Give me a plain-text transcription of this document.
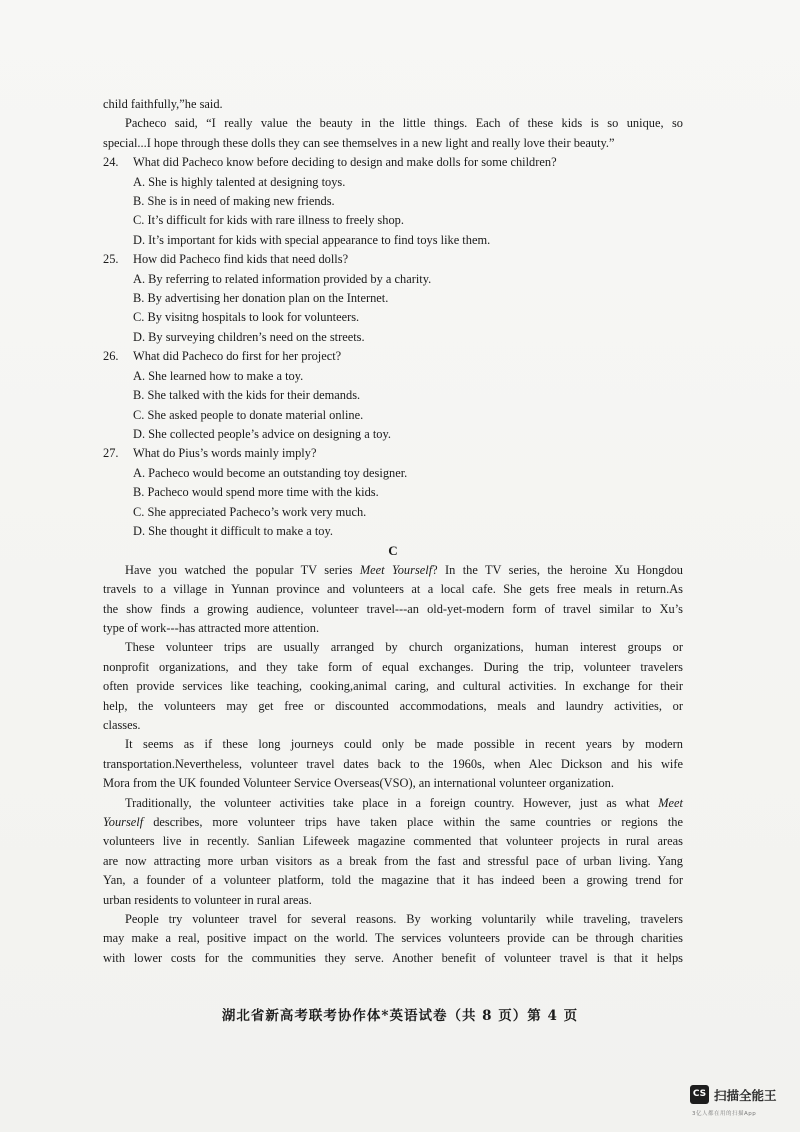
child faithfully,”he said.
Pacheco said, “I really value the beauty in the little things. Each of these kids is so unique, so
special...I hope through these dolls they can see themselves in a new light and really love their beauty.”
24.	What did Pacheco know before deciding to design and make dolls for some children?
A. She is highly talented at designing toys.
B. She is in need of making new friends.
C. It’s difficult for kids with rare illness to freely shop.
D. It’s important for kids with special appearance to find toys like them.
25.	How did Pacheco find kids that need dolls?
A. By referring to related information provided by a charity.
B. By advertising her donation plan on the Internet.
C. By visitng hospitals to look for volunteers.
D. By surveying children’s need on the streets.
26.	What did Pacheco do first for her project?
A. She learned how to make a toy.
B. She talked with the kids for their demands.
C. She asked people to donate material online.
D. She collected people’s advice on designing a toy.
27.	What do Pius’s words mainly imply?
A. Pacheco would become an outstanding toy designer.
B. Pacheco would spend more time with the kids.
C. She appreciated Pacheco’s work very much.
D. She thought it difficult to make a toy.
C
Have you watched the popular TV series Meet Yourself? In the TV series, the heroine Xu Hongdou
travels to a village in Yunnan province and volunteers at a local cafe. She gets free meals in return.As
the show finds a growing audience, volunteer travel---an old-yet-modern form of travel similar to Xu’s
type of work---has attracted more attention.
These volunteer trips are usually arranged by church organizations, human interest groups or
nonprofit organizations, and they take form of equal exchanges. During the trip, volunteer travelers
often provide services like teaching, cooking,animal caring, and cultural activities. In exchange for their
help, the volunteers may get free or discounted accommodations, meals and laundry activities, or
classes.
It seems as if these long journeys could only be made possible in recent years by modern
transportation.Nevertheless, volunteer travel dates back to the 1960s, when Alec Dickson and his wife
Mora from the UK founded Volunteer Service Overseas(VSO), an international volunteer organization.
Traditionally, the volunteer activities take place in a foreign country. However, just as what Meet
Yourself describes, more volunteer trips have taken place within the same countries or regions the
volunteers live in recently. Sanlian Lifeweek magazine commented that volunteer projects in rural areas
are now attracting more urban visitors as a break from the fast and stressful pace of urban living. Yang
Yan, a founder of a volunteer platform, told the magazine that it has indeed been a growing trend for
urban residents to volunteer in rural areas.
People try volunteer travel for several reasons. By working voluntarily while traveling, travelers
may make a real, positive impact on the world. The services volunteers provide can be through charities
with lower costs for the communities they serve. Another benefit of volunteer travel is that it helps
湖北省新高考联考协作体*英语试卷（共 8 页）第 4 页
CS 扫描全能王
3亿人都在用的扫描App
